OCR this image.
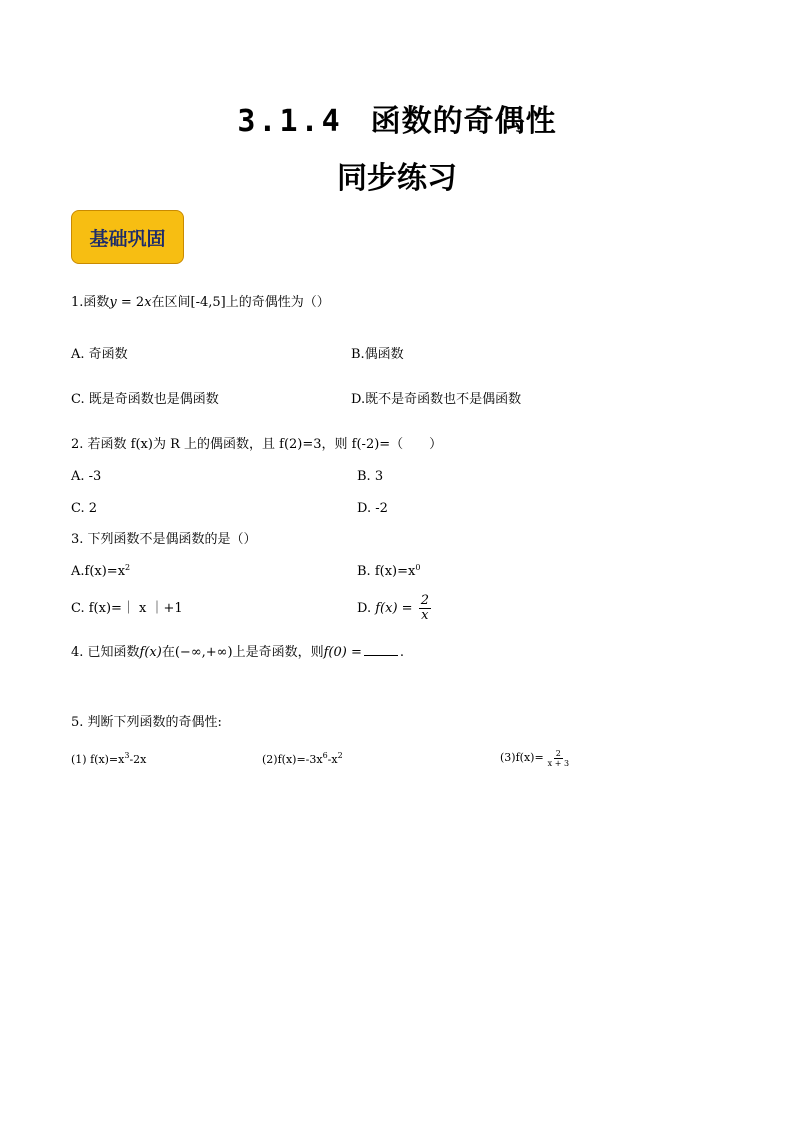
3.1.4 函数的奇偶性
同步练习
基础巩固
1.函数y = 2x在区间[-4,5]上的奇偶性为（）
A. 奇函数	B.偶函数
C. 既是奇函数也是偶函数	D.既不是奇函数也不是偶函数
2. 若函数 f(x)为 R 上的偶函数，且 f(2)=3，则 f(-2)=（　　）
A. -3	B. 3
C. 2	D. -2
3. 下列函数不是偶函数的是（）
$A.f(x)=x^2$	B. $f(x)=x^0$
C. f(x)=｜ x ｜+1	D. $f(x) = \frac{2}{x}$
4. 已知函数f(x)在(−∞,+∞)上是奇函数，则f(0) =	.
5. 判断下列函数的奇偶性:
(1) $f(x)=x^3-2x$	$(2)f(x)=-3x^6-x^2$	$(3)f(x)= \frac{2}{x + 3}$
